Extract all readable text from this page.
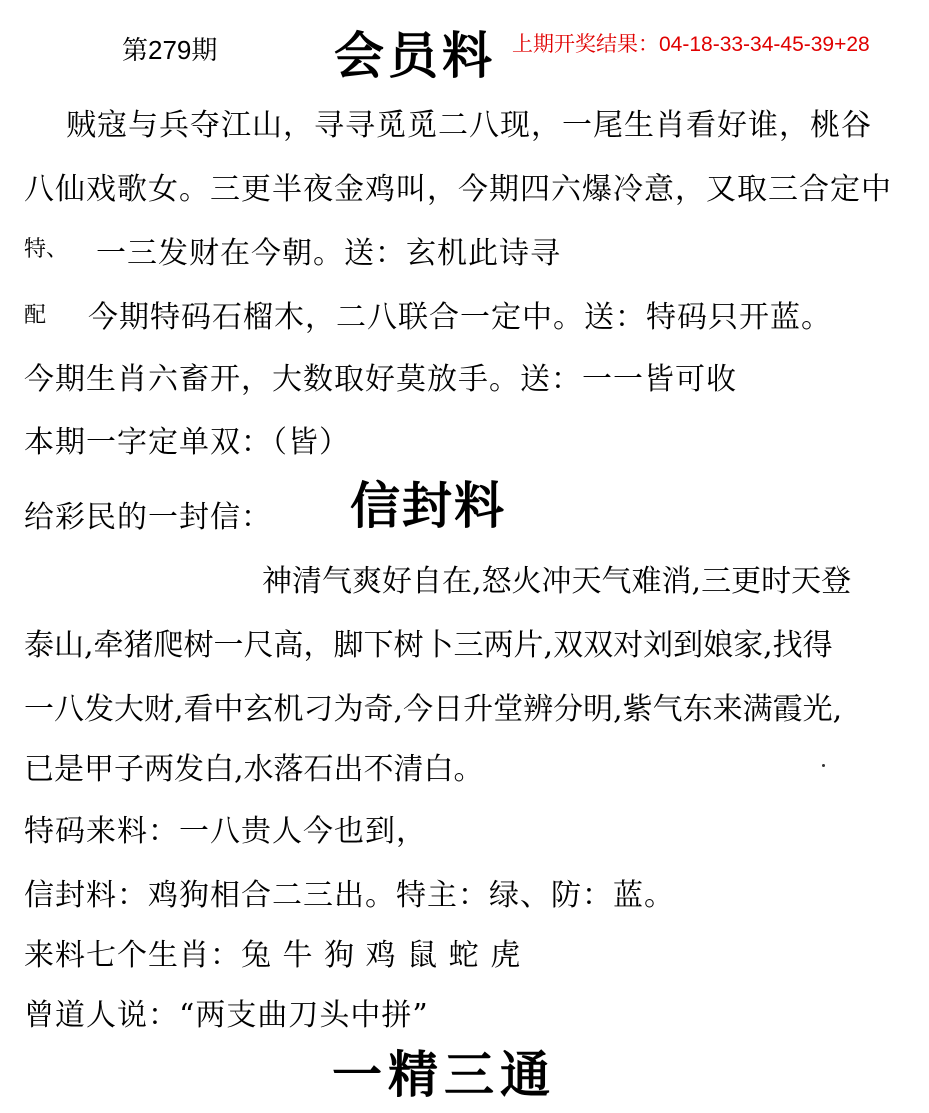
第279期 会员料 上期开奖结果：04-18-33-34-45-39+28
贼寇与兵夺江山，寻寻觅觅二八现，一尾生肖看好谁，桃谷
八仙戏歌女。三更半夜金鸡叫，今期四六爆冷意，又取三合定中
特、 一三发财在今朝。送：玄机此诗寻
配 今期特码石榴木，二八联合一定中。送：特码只开蓝。
今期生肖六畜开，大数取好莫放手。送：一一皆可收
本期一字定单双：（皆）
给彩民的一封信： 信封料
神清气爽好自在,怒火冲天气难消,三更时天登
泰山,牵猪爬树一尺高，脚下树卜三两片,双双对刘到娘家,找得
一八发大财,看中玄机刁为奇,今日升堂辨分明,紫气东来满霞光,
已是甲子两发白,水落石出不清白。
特码来料：一八贵人今也到，
信封料：鸡狗相合二三出。特主：绿、防：蓝。
来料七个生肖：兔 牛 狗 鸡 鼠 蛇 虎
曾道人说：“两支曲刀头中拼”
一精三通
